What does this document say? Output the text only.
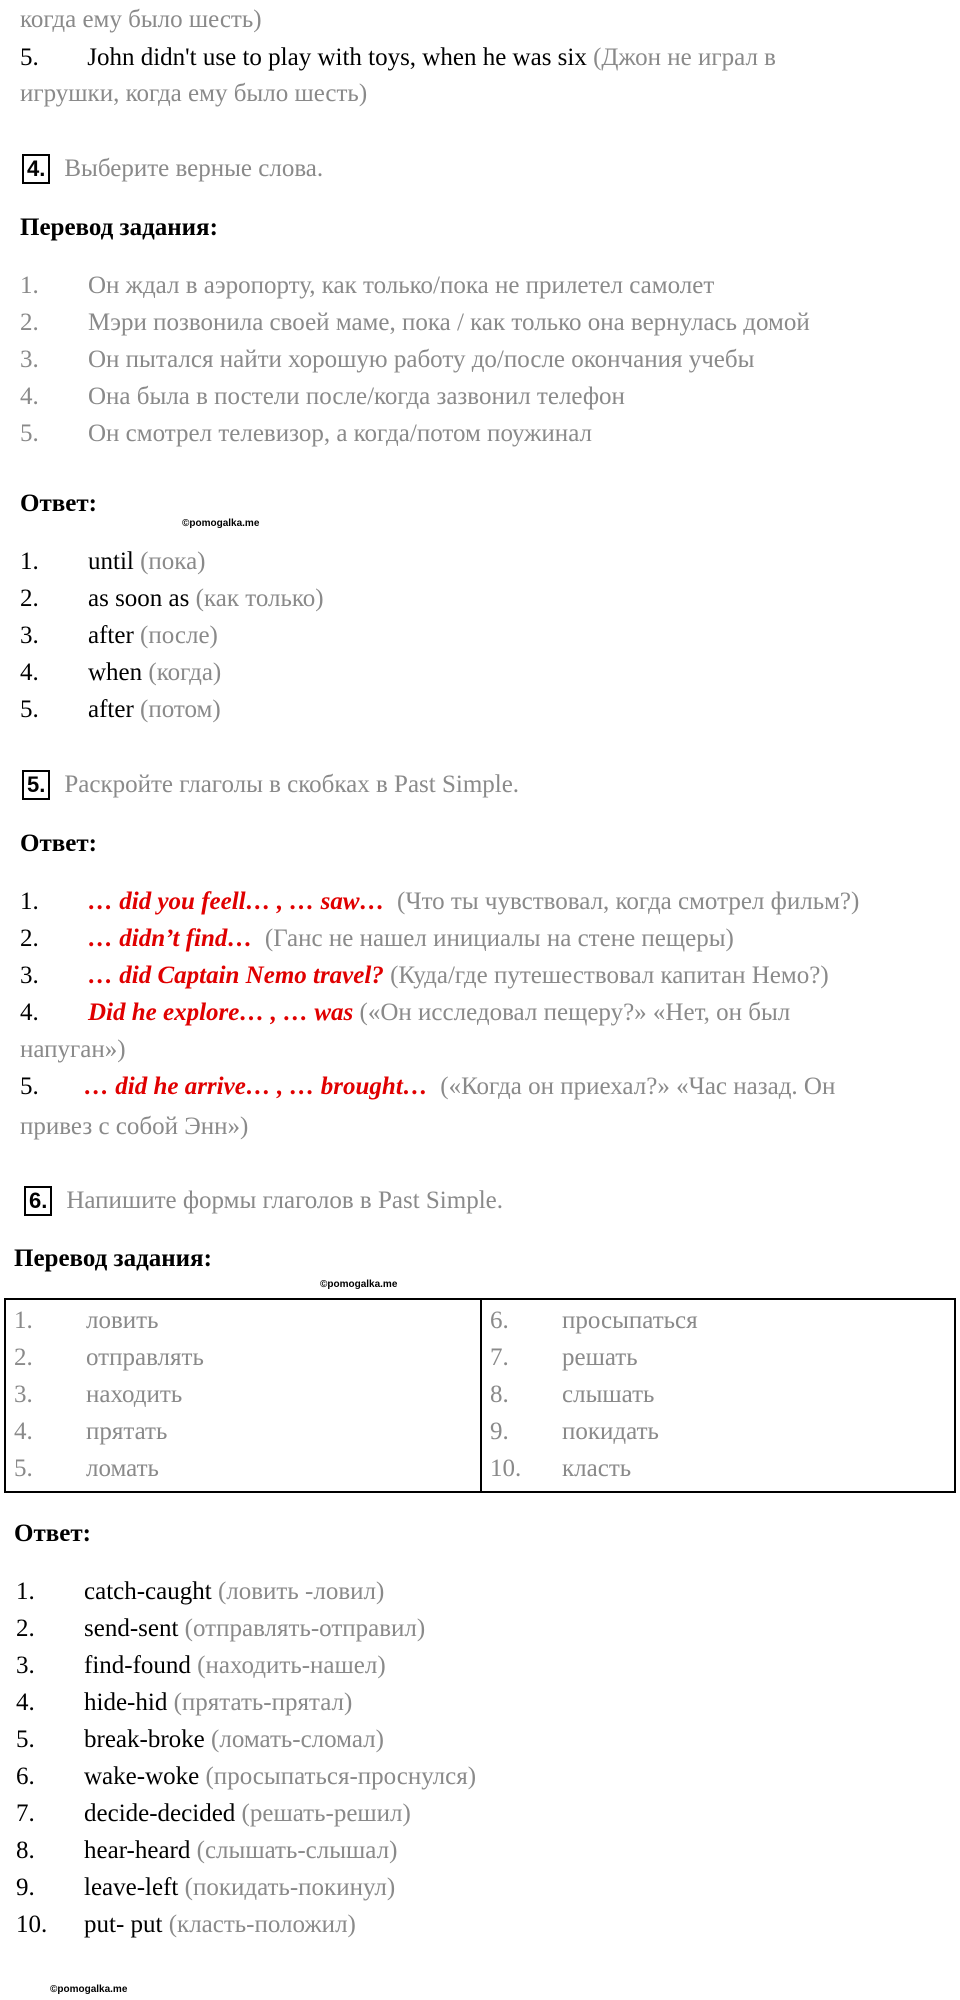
когда ему было шесть)
5. John didn't use to play with toys, when he was six (Джон не играл в
игрушки, когда ему было шесть)
4. Выберите верные слова.
Перевод задания:
1. Он ждал в аэропорту, как только/пока не прилетел самолет
2. Мэри позвонила своей маме, пока / как только она вернулась домой
3. Он пытался найти хорошую работу до/после окончания учебы
4. Она была в постели после/когда зазвонил телефон
5. Он смотрел телевизор, а когда/потом поужинал
Ответ:
©pomogalka.me
1. until (пока)
2. as soon as (как только)
3. after (после)
4. when (когда)
5. after (потом)
5. Раскройте глаголы в скобках в Past Simple.
Ответ:
1. … did you feell… , … saw… (Что ты чувствовал, когда смотрел фильм?)
2. … didn’t find… (Ганс не нашел инициалы на стене пещеры)
3. … did Captain Nemo travel? (Куда/где путешествовал капитан Немо?)
4. Did he explore… , … was («Он исследовал пещеру?» «Нет, он был
напуган»)
5. … did he arrive… , … brought… («Когда он приехал?» «Час назад. Он
привез с собой Энн»)
6. Напишите формы глаголов в Past Simple.
Перевод задания:
©pomogalka.me
1. ловить
2. отправлять
3. находить
4. прятать
5. ломать

6. просыпаться
7. решать
8. слышать
9. покидать
10. класть
Ответ:
1. catch-caught (ловить -ловил)
2. send-sent (отправлять-отправил)
3. find-found (находить-нашел)
4. hide-hid (прятать-прятал)
5. break-broke (ломать-сломал)
6. wake-woke (просыпаться-проснулся)
7. decide-decided (решать-решил)
8. hear-heard (слышать-слышал)
9. leave-left (покидать-покинул)
10. put- put (класть-положил)
©pomogalka.me
